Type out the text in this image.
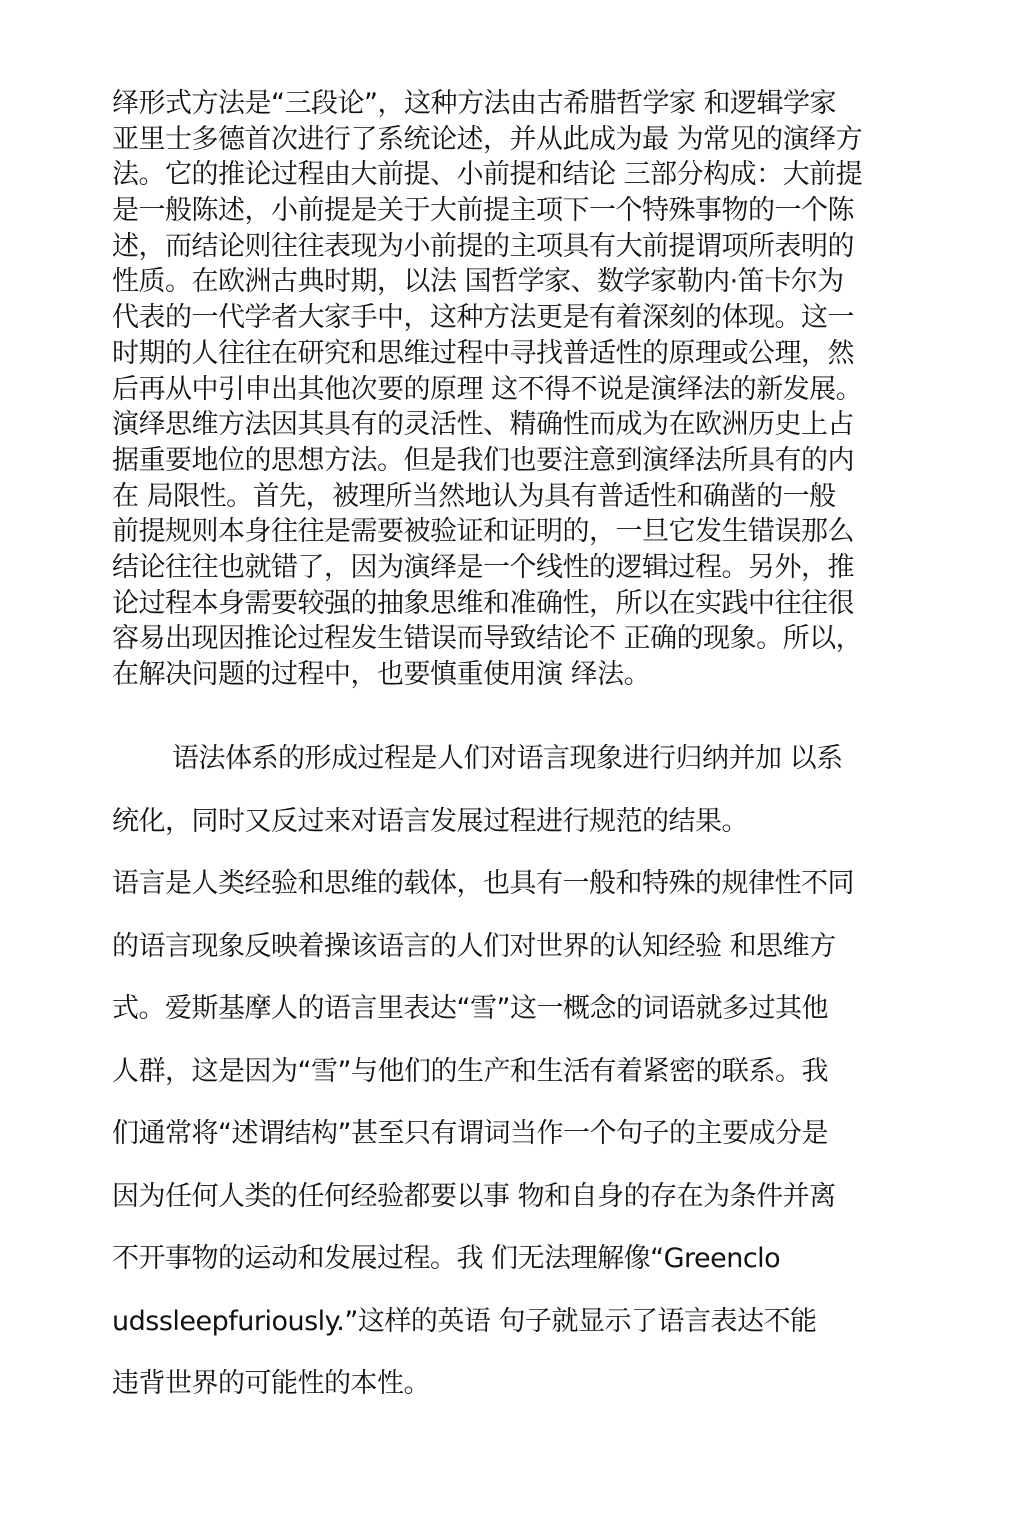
绎形式方法是“三段论”，这种方法由古希腊哲学家 和逻辑学家
亚里士多德首次进行了系统论述，并从此成为最 为常见的演绎方
法。它的推论过程由大前提、小前提和结论 三部分构成：大前提
是一般陈述，小前提是关于大前提主项下一个特殊事物的一个陈
述，而结论则往往表现为小前提的主项具有大前提谓项所表明的
性质。在欧洲古典时期，以法 国哲学家、数学家勒内·笛卡尔为
代表的一代学者大家手中，这种方法更是有着深刻的体现。这一
时期的人往往在研究和思维过程中寻找普适性的原理或公理，然
后再从中引申出其他次要的原理 这不得不说是演绎法的新发展。
演绎思维方法因其具有的灵活性、精确性而成为在欧洲历史上占
据重要地位的思想方法。但是我们也要注意到演绎法所具有的内
在 局限性。首先，被理所当然地认为具有普适性和确凿的一般
前提规则本身往往是需要被验证和证明的，一旦它发生错误那么
结论往往也就错了，因为演绎是一个线性的逻辑过程。另外，推
论过程本身需要较强的抽象思维和准确性，所以在实践中往往很
容易出现因推论过程发生错误而导致结论不 正确的现象。所以，
在解决问题的过程中，也要慎重使用演 绎法。
语法体系的形成过程是人们对语言现象进行归纳并加 以系
统化，同时又反过来对语言发展过程进行规范的结果。
语言是人类经验和思维的载体，也具有一般和特殊的规律性不同
的语言现象反映着操该语言的人们对世界的认知经验 和思维方
式。爱斯基摩人的语言里表达“雪”这一概念的词语就多过其他
人群，这是因为“雪”与他们的生产和生活有着紧密的联系。我
们通常将“述谓结构”甚至只有谓词当作一个句子的主要成分是
因为任何人类的任何经验都要以事 物和自身的存在为条件并离
不开事物的运动和发展过程。我 们无法理解像“Greenclo
udssleepfuriously.”这样的英语 句子就显示了语言表达不能
违背世界的可能性的本性。
